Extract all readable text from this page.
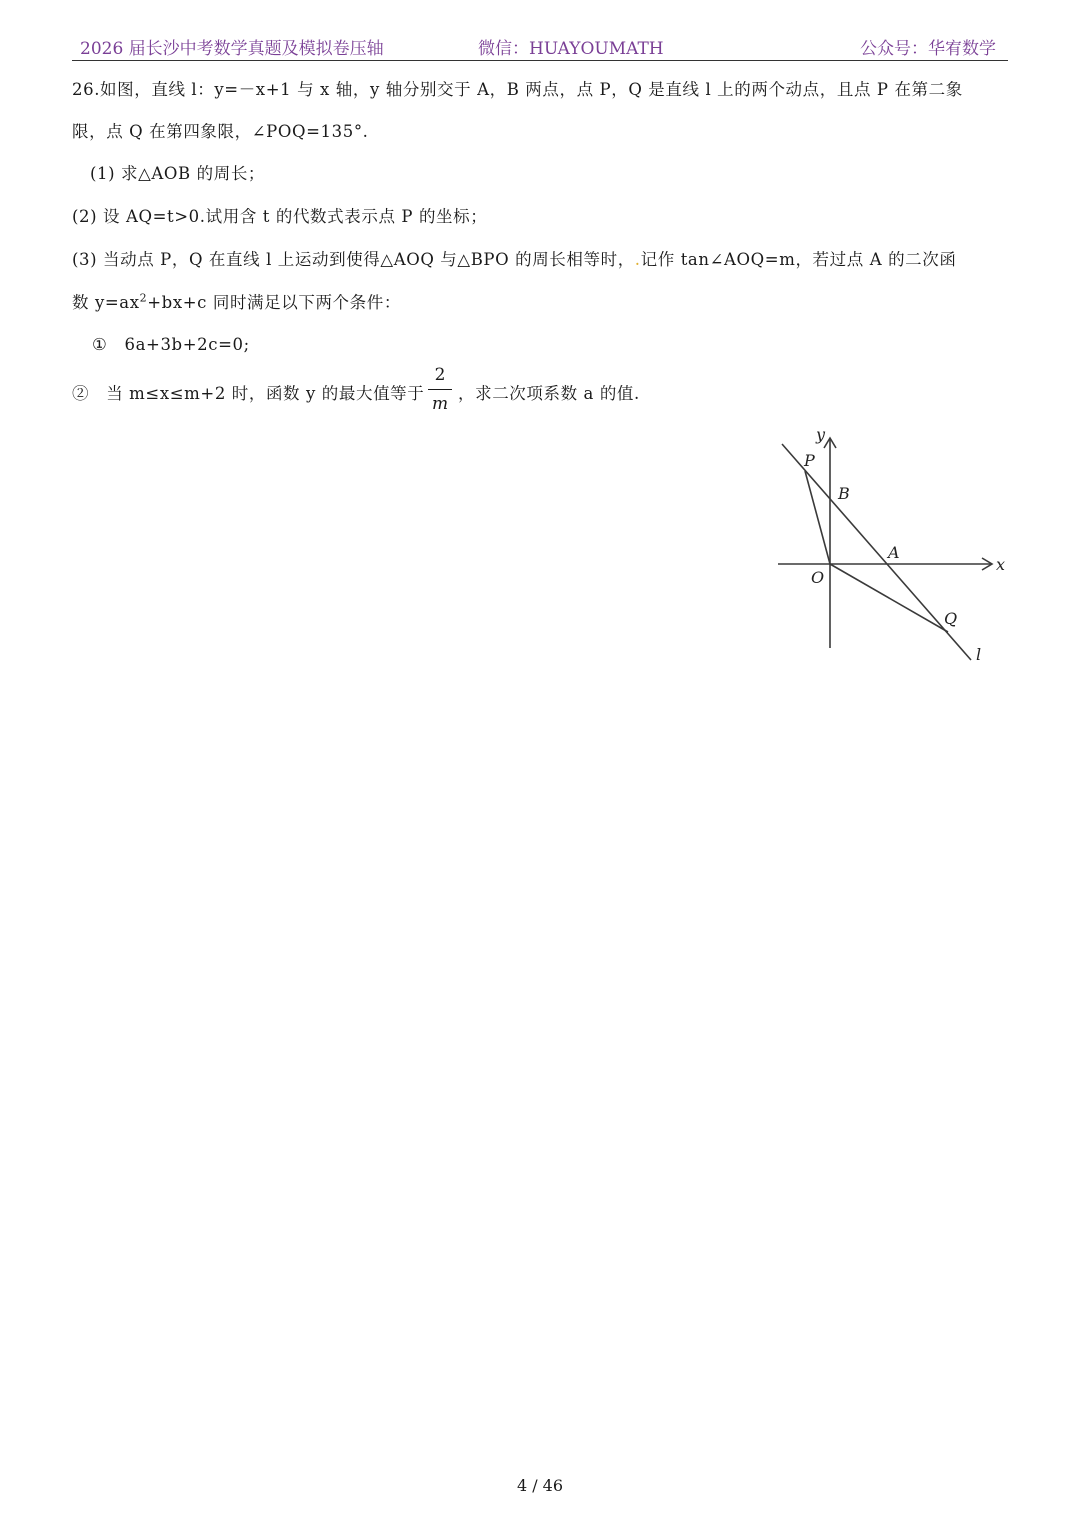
2026 届长沙中考数学真题及模拟卷压轴	微信：HUAYOUMATH	公众号：华宥数学
26.如图，直线 l：y=－x+1 与 x 轴，y 轴分别交于 A，B 两点，点 P，Q 是直线 l 上的两个动点，且点 P 在第二象
限，点 Q 在第四象限，∠POQ=135°.
(1) 求△AOB 的周长；
(2) 设 AQ=t>0.试用含 t 的代数式表示点 P 的坐标；
(3) 当动点 P，Q 在直线 l 上运动到使得△AOQ 与△BPO 的周长相等时，.记作 tan∠AOQ=m，若过点 A 的二次函
数 $y=ax^2+bx+c$ 同时满足以下两个条件：
①　6a+3b+2c=0;
②　当 m≤x≤m+2 时，函数 y 的最大值等于
2
m
，求二次项系数 a 的值.
y
x
P
B
A
O
Q
l
4 / 46
